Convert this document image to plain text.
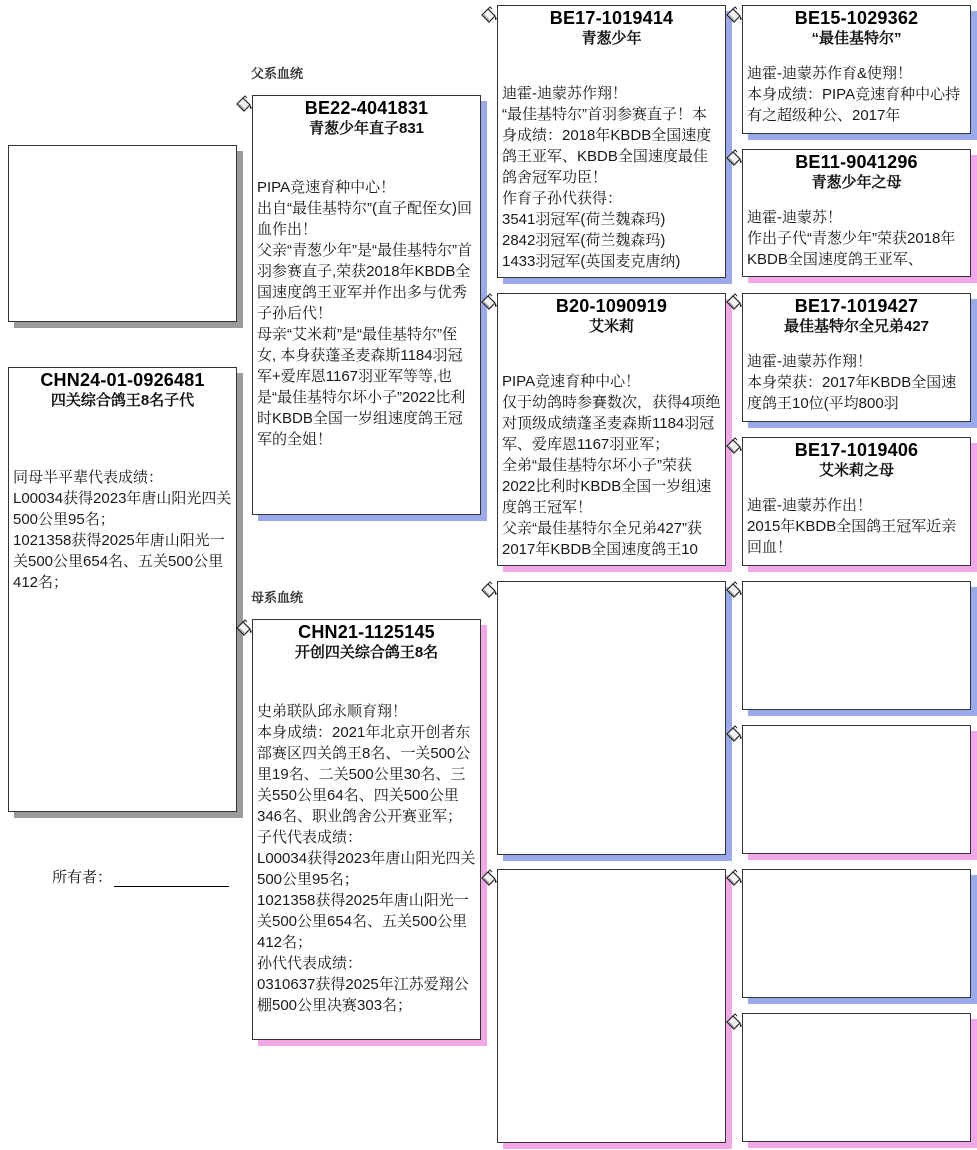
CHN24-01-0926481
四关综合鸽王8名子代
同母半平辈代表成绩：
L00034获得2023年唐山阳光四关500公里95名；
1021358获得2025年唐山阳光一关500公里654名、五关500公里412名；
所有者：
父系血统
母系血统
BE22-4041831
青葱少年直子831
PIPA竞速育种中心！
出自“最佳基特尔”(直子配侄女)回血作出！
父亲“青葱少年”是“最佳基特尔”首羽参赛直子,荣获2018年KBDB全国速度鸽王亚军并作出多与优秀子孙后代！
母亲“艾米莉”是“最佳基特尔”侄女, 本身获蓬圣麦森斯1184羽冠军+爱库恩1167羽亚军等等,也是“最佳基特尔坏小子”2022比利时KBDB全国一岁组速度鸽王冠军的全姐！
CHN21-1125145
开创四关综合鸽王8名
史弟联队邱永顺育翔！
本身成绩：2021年北京开创者东部赛区四关鸽王8名、一关500公里19名、二关500公里30名、三关550公里64名、四关500公里346名、职业鸽舍公开赛亚军；
子代代表成绩：
L00034获得2023年唐山阳光四关500公里95名；
1021358获得2025年唐山阳光一关500公里654名、五关500公里412名；
孙代代表成绩：
0310637获得2025年江苏爱翔公棚500公里决赛303名；
BE17-1019414
青葱少年
迪霍-迪蒙苏作翔！
“最佳基特尔”首羽参赛直子！本身成绩：2018年KBDB全国速度鸽王亚军、KBDB全国速度最佳鸽舍冠军功臣！
作育子孙代获得：
3541羽冠军(荷兰魏森玛)
2842羽冠军(荷兰魏森玛)
1433羽冠军(英国麦克唐纳)
B20-1090919
艾米莉
PIPA竞速育种中心！
仅于幼鸽時参賽数次，获得4项绝对顶级成绩蓬圣麦森斯1184羽冠军、爱库恩1167羽亚军；
全弟“最佳基特尔坏小子”荣获2022比利时KBDB全国一岁组速度鸽王冠军！
父亲“最佳基特尔全兄弟427”获2017年KBDB全国速度鸽王10
BE15-1029362
“最佳基特尔”
迪霍-迪蒙苏作育&使翔！
本身成绩：PIPA竞速育种中心持有之超级种公、2017年
BE11-9041296
青葱少年之母
迪霍-迪蒙苏！
作出子代“青葱少年”荣获2018年KBDB全国速度鸽王亚军、
BE17-1019427
最佳基特尔全兄弟427
迪霍-迪蒙苏作翔！
本身荣获：2017年KBDB全国速度鸽王10位(平均800羽
BE17-1019406
艾米莉之母
迪霍-迪蒙苏作出！
2015年KBDB全国鸽王冠军近亲回血！
